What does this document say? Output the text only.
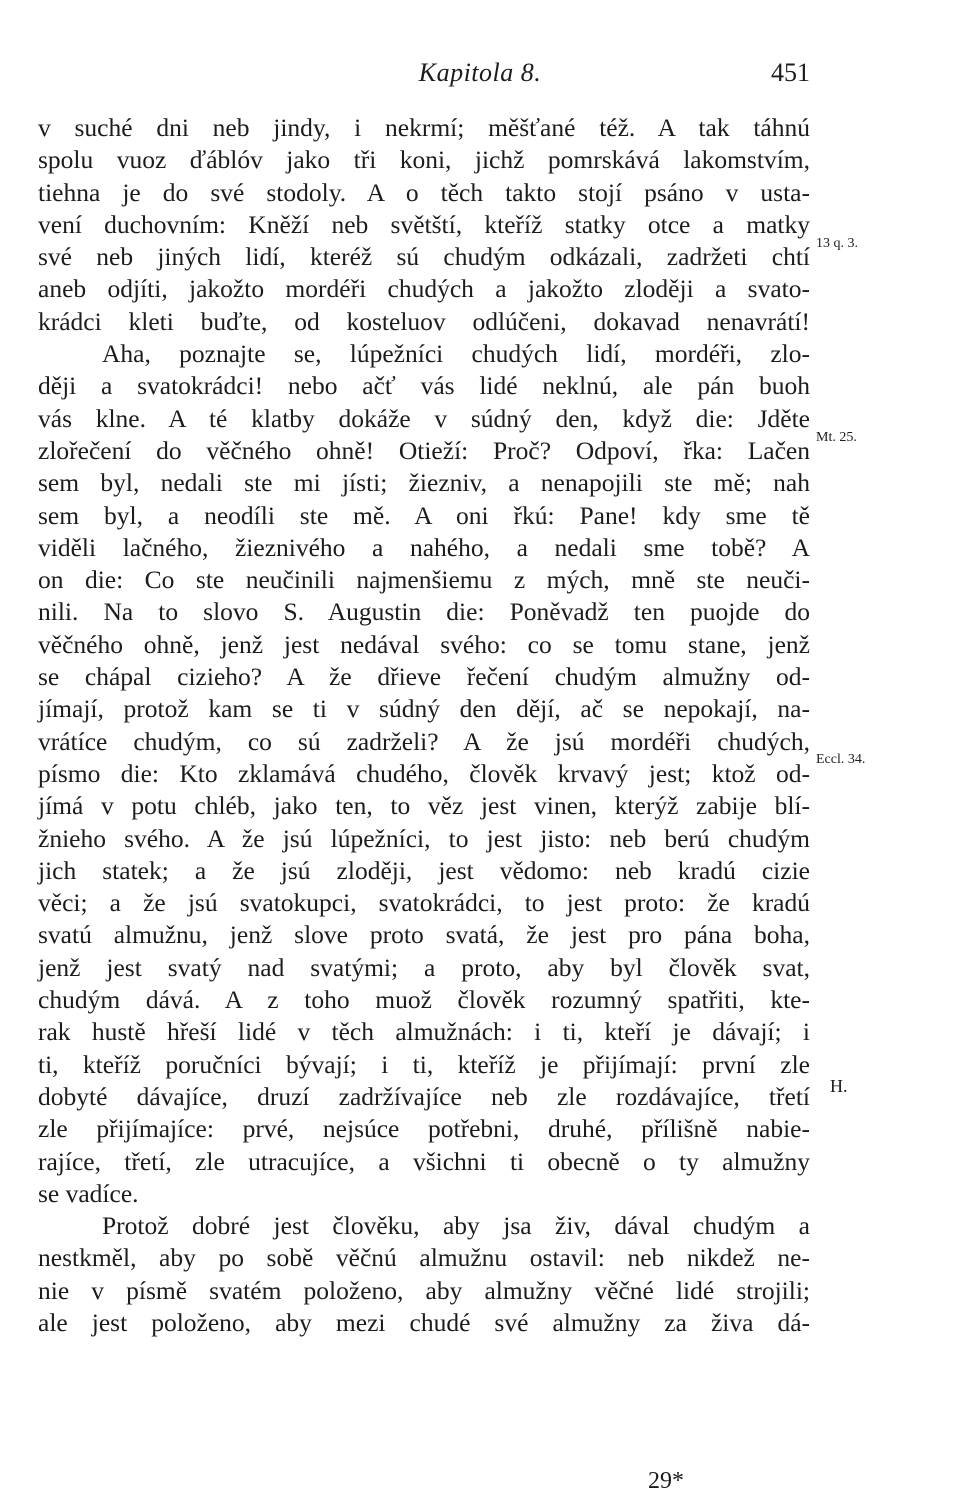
Kapitola 8.	451
v suché dni neb jindy, i nekrmí; měšťané též. A tak táhnú
spolu vuoz ďáblóv jako tři koni, jichž pomrskává lakomstvím,
tiehna je do své stodoly. A o těch takto stojí psáno v usta-
vení duchovním: Kněží neb světští, kteříž statky otce a matky
své neb jiných lidí, kteréž sú chudým odkázali, zadržeti chtí
aneb odjíti, jakožto mordéři chudých a jakožto zloději a svato-
krádci kleti buďte, od kosteluov odlúčeni, dokavad nenavrátí!
Aha, poznajte se, lúpežníci chudých lidí, mordéři, zlo-
ději a svatokrádci! nebo ačť vás lidé neklnú, ale pán buoh
vás klne. A té klatby dokáže v súdný den, když die: Jděte
zlořečení do věčného ohně! Otieží: Proč? Odpoví, řka: Lačen
sem byl, nedali ste mi jísti; žiezniv, a nenapojili ste mě; nah
sem byl, a neodíli ste mě. A oni řkú: Pane! kdy sme tě
viděli lačného, žieznivého a nahého, a nedali sme tobě? A
on die: Co ste neučinili najmenšiemu z mých, mně ste neuči-
nili. Na to slovo S. Augustin die: Poněvadž ten puojde do
věčného ohně, jenž jest nedával svého: co se tomu stane, jenž
se chápal cizieho? A že dřieve řečení chudým almužny od-
jímají, protož kam se ti v súdný den dějí, ač se nepokají, na-
vrátíce chudým, co sú zadrželi? A že jsú mordéři chudých,
písmo die: Kto zklamává chudého, člověk krvavý jest; ktož od-
jímá v potu chléb, jako ten, to věz jest vinen, kterýž zabije blí-
žnieho svého. A že jsú lúpežníci, to jest jisto: neb berú chudým
jich statek; a že jsú zloději, jest vědomo: neb kradú cizie
věci; a že jsú svatokupci, svatokrádci, to jest proto: že kradú
svatú almužnu, jenž slove proto svatá, že jest pro pána boha,
jenž jest svatý nad svatými; a proto, aby byl člověk svat,
chudým dává. A z toho muož člověk rozumný spatřiti, kte-
rak hustě hřeší lidé v těch almužnách: i ti, kteří je dávají; i
ti, kteříž poručníci bývají; i ti, kteříž je přijímají: první zle
dobyté dávajíce, druzí zadržívajíce neb zle rozdávajíce, třetí
zle přijímajíce: prvé, nejsúce potřebni, druhé, přílišně nabie-
rajíce, třetí, zle utracujíce, a všichni ti obecně o ty almužny
se vadíce.
Protož dobré jest člověku, aby jsa živ, dával chudým a
nestkměl, aby po sobě věčnú almužnu ostavil: neb nikdež ne-
nie v písmě svatém položeno, aby almužny věčné lidé strojili;
ale jest položeno, aby mezi chudé své almužny za živa dá-
13 q. 3.
Mt. 25.
Eccl. 34.
H.
29*
